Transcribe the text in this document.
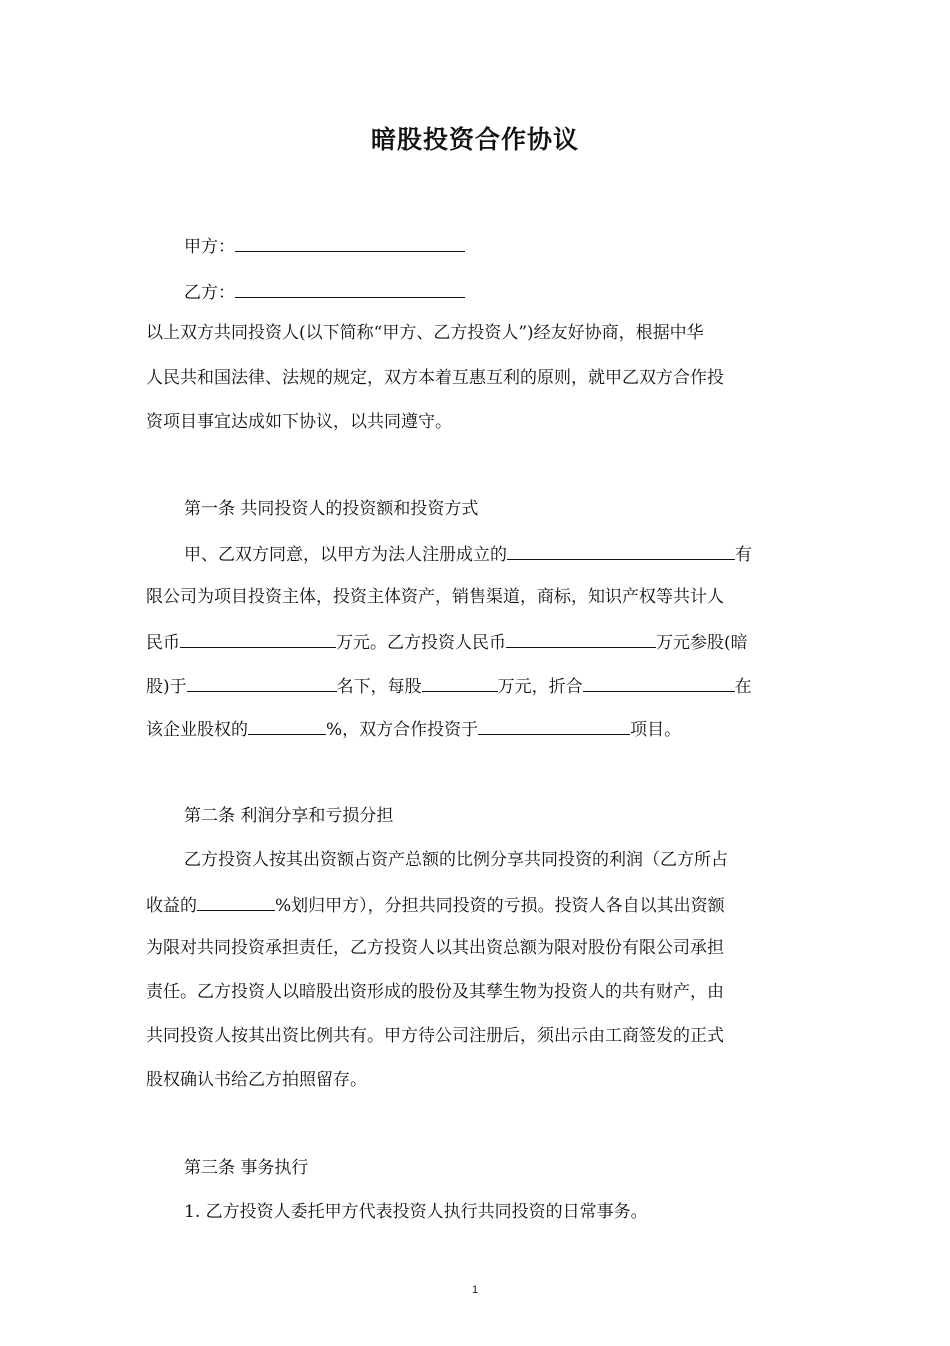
暗股投资合作协议
甲方：
乙方：
以上双方共同投资人(以下简称“甲方、乙方投资人”)经友好协商，根据中华
人民共和国法律、法规的规定，双方本着互惠互利的原则，就甲乙双方合作投
资项目事宜达成如下协议，以共同遵守。
第一条 共同投资人的投资额和投资方式
甲、乙双方同意，以甲方为法人注册成立的	有
限公司为项目投资主体，投资主体资产，销售渠道，商标，知识产权等共计人
民币	万元。乙方投资人民币	万元参股(暗
股)于	名下，每股	万元，折合	在
该企业股权的	%，双方合作投资于	项目。
第二条 利润分享和亏损分担
乙方投资人按其出资额占资产总额的比例分享共同投资的利润（乙方所占
收益的	%划归甲方），分担共同投资的亏损。投资人各自以其出资额
为限对共同投资承担责任，乙方投资人以其出资总额为限对股份有限公司承担
责任。乙方投资人以暗股出资形成的股份及其孳生物为投资人的共有财产，由
共同投资人按其出资比例共有。甲方待公司注册后，须出示由工商签发的正式
股权确认书给乙方拍照留存。
第三条 事务执行
1. 乙方投资人委托甲方代表投资人执行共同投资的日常事务。
1
